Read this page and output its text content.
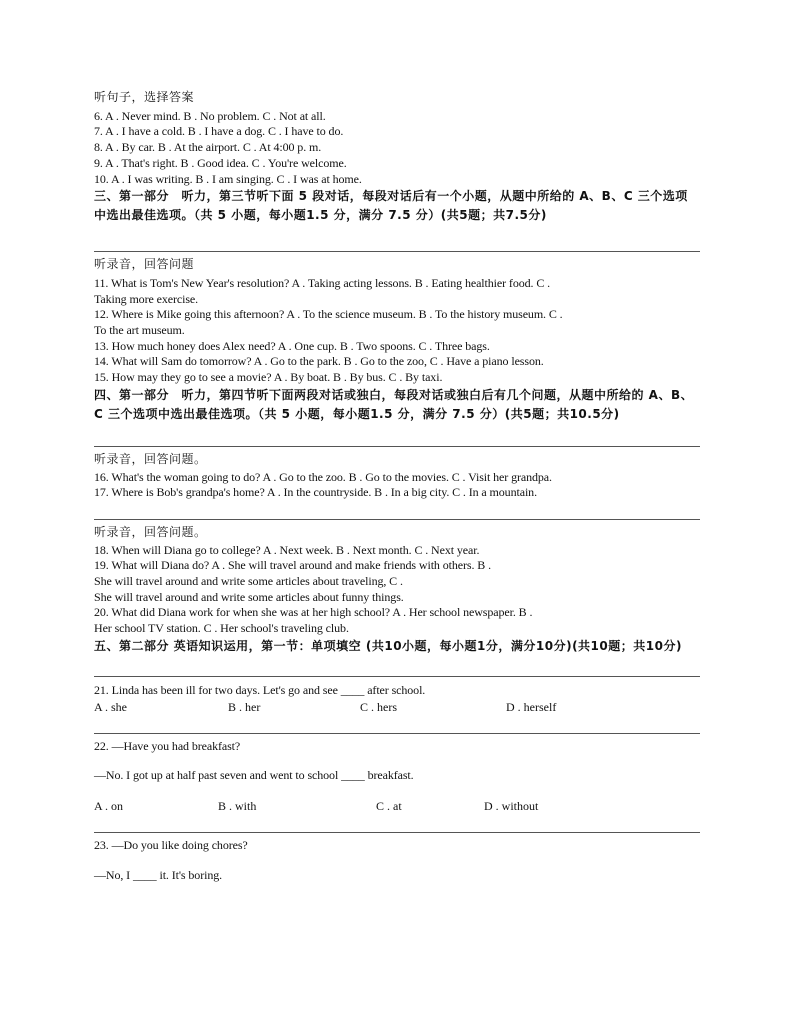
听句子，选择答案
6. A . Never mind. B . No problem. C . Not at all.
7. A . I have a cold. B . I have a dog. C . I have to do.
8. A . By car. B . At the airport. C . At 4:00 p. m.
9. A . That's right. B . Good idea. C . You're welcome.
10. A . I was writing. B . I am singing. C . I was at home.
三、第一部分　听力，第三节听下面 5 段对话，每段对话后有一个小题，从题中所给的 A、B、C 三个选项中选出最佳选项。（共 5 小题，每小题1.5 分，满分 7.5 分）(共5题；共7.5分)
听录音，回答问题
11. What is Tom's New Year's resolution? A . Taking acting lessons. B . Eating healthier food. C .
Taking more exercise.
12. Where is Mike going this afternoon? A . To the science museum. B . To the history museum. C .
To the art museum.
13. How much honey does Alex need? A . One cup. B . Two spoons. C . Three bags.
14. What will Sam do tomorrow? A . Go to the park. B . Go to the zoo, C . Have a piano lesson.
15. How may they go to see a movie? A . By boat. B . By bus. C . By taxi.
四、第一部分　听力，第四节听下面两段对话或独白，每段对话或独白后有几个问题，从题中所给的 A、B、C 三个选项中选出最佳选项。（共 5 小题，每小题1.5 分，满分 7.5 分）(共5题；共10.5分)
听录音，回答问题。
16. What's the woman going to do? A . Go to the zoo. B . Go to the movies. C . Visit her grandpa.
17. Where is Bob's grandpa's home? A . In the countryside. B . In a big city. C . In a mountain.
听录音，回答问题。
18. When will Diana go to college? A . Next week. B . Next month. C . Next year.
19. What will Diana do? A . She will travel around and make friends with others. B .
She will travel around and write some articles about traveling, C .
She will travel around and write some articles about funny things.
20. What did Diana work for when she was at her high school? A . Her school newspaper. B .
Her school TV station. C . Her school's traveling club.
五、第二部分 英语知识运用，第一节：单项填空 (共10小题，每小题1分，满分10分)(共10题；共10分)
21. Linda has been ill for two days. Let's go and see ____ after school.
A . she	B . her	C . hers	D . herself
22. —Have you had breakfast?
—No. I got up at half past seven and went to school ____ breakfast.
A . on	B . with	C . at	D . without
23. —Do you like doing chores?
—No, I ____ it. It's boring.
